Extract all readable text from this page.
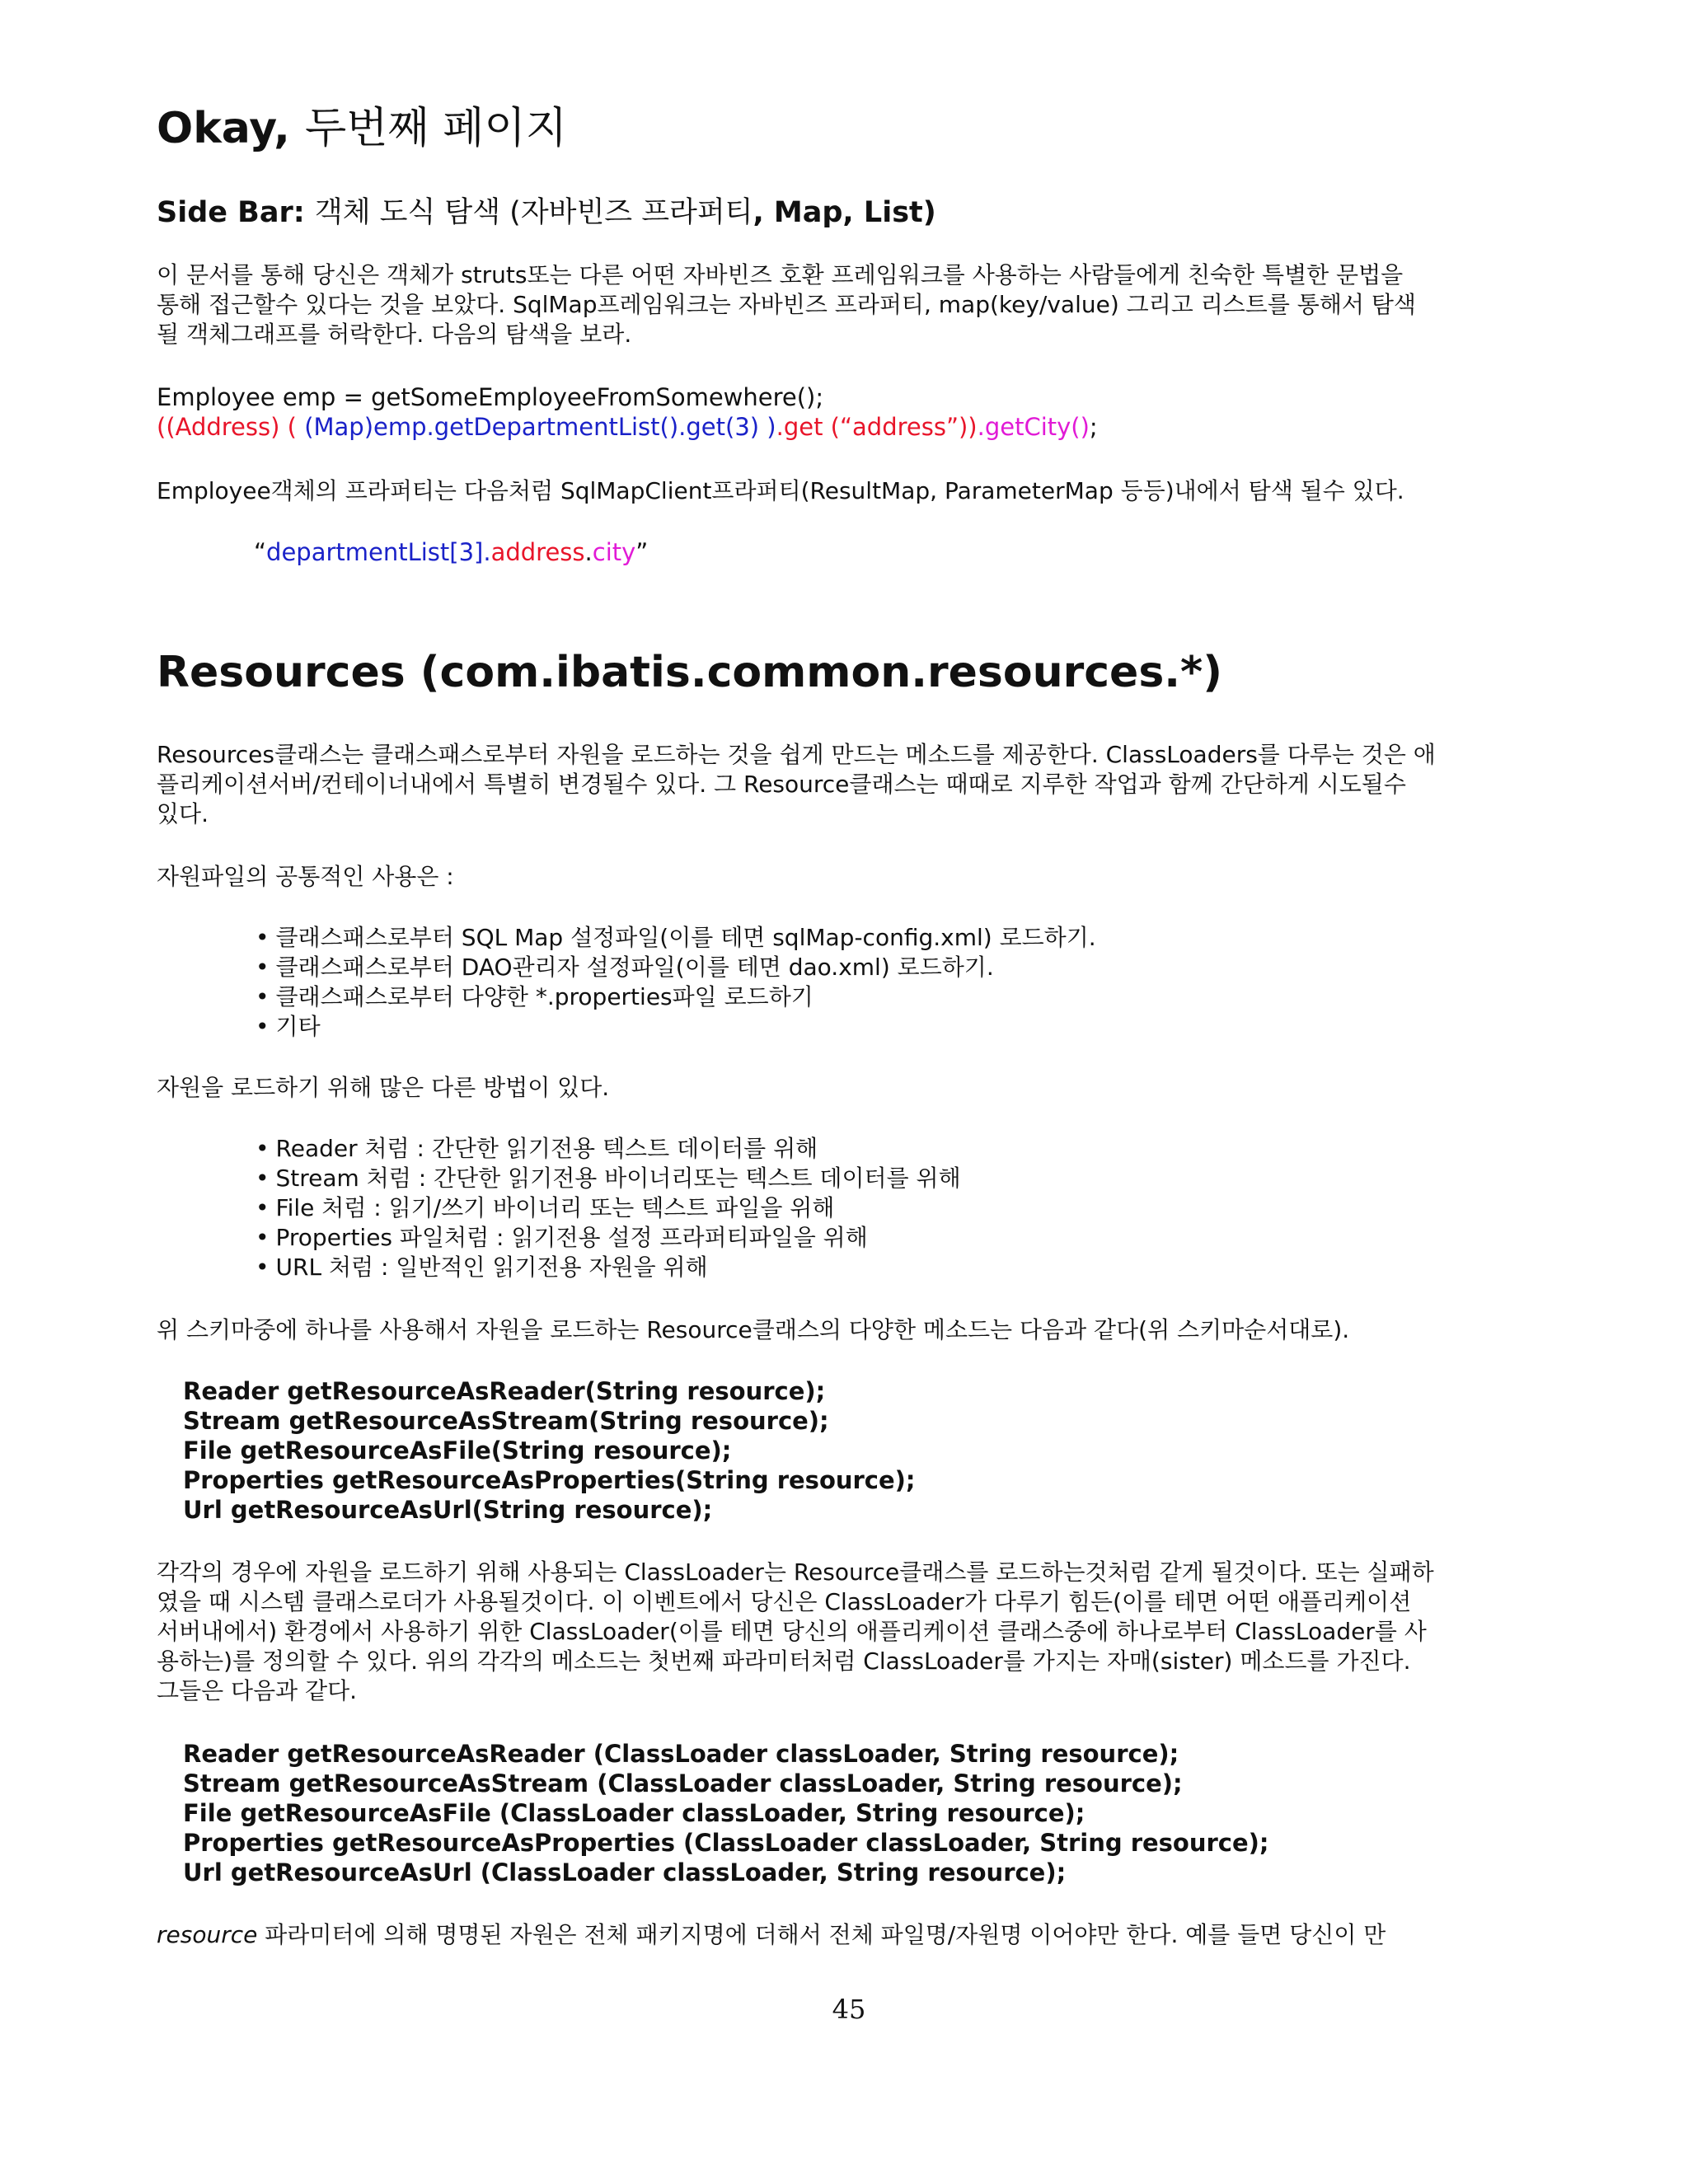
Okay, 두번째 페이지
Side Bar: 객체 도식 탐색 (자바빈즈 프라퍼티, Map, List)
이 문서를 통해 당신은 객체가 struts또는 다른 어떤 자바빈즈 호환 프레임워크를 사용하는 사람들에게 친숙한 특별한 문법을
통해 접근할수 있다는 것을 보았다. SqlMap프레임워크는 자바빈즈 프라퍼티, map(key/value) 그리고 리스트를 통해서 탐색
될 객체그래프를 허락한다. 다음의 탐색을 보라.
Employee emp = getSomeEmployeeFromSomewhere();
((Address) ( (Map)emp.getDepartmentList().get(3) ).get (“address”)).getCity();
Employee객체의 프라퍼티는 다음처럼 SqlMapClient프라퍼티(ResultMap, ParameterMap 등등)내에서 탐색 될수 있다.
“departmentList[3].address.city”
Resources (com.ibatis.common.resources.*)
Resources클래스는 클래스패스로부터 자원을 로드하는 것을 쉽게 만드는 메소드를 제공한다. ClassLoaders를 다루는 것은 애
플리케이션서버/컨테이너내에서 특별히 변경될수 있다. 그 Resource클래스는 때때로 지루한 작업과 함께 간단하게 시도될수
있다.
자원파일의 공통적인 사용은 :
• 클래스패스로부터 SQL Map 설정파일(이를 테면 sqlMap-config.xml) 로드하기.
• 클래스패스로부터 DAO관리자 설정파일(이를 테면 dao.xml) 로드하기.
• 클래스패스로부터 다양한 *.properties파일 로드하기
• 기타
자원을 로드하기 위해 많은 다른 방법이 있다.
• Reader 처럼 : 간단한 읽기전용 텍스트 데이터를 위해
• Stream 처럼 : 간단한 읽기전용 바이너리또는 텍스트 데이터를 위해
• File 처럼 : 읽기/쓰기 바이너리 또는 텍스트 파일을 위해
• Properties 파일처럼 : 읽기전용 설정 프라퍼티파일을 위해
• URL 처럼 : 일반적인 읽기전용 자원을 위해
위 스키마중에 하나를 사용해서 자원을 로드하는 Resource클래스의 다양한 메소드는 다음과 같다(위 스키마순서대로).
Reader getResourceAsReader(String resource);
Stream getResourceAsStream(String resource);
File getResourceAsFile(String resource);
Properties getResourceAsProperties(String resource);
Url getResourceAsUrl(String resource);
각각의 경우에 자원을 로드하기 위해 사용되는 ClassLoader는 Resource클래스를 로드하는것처럼 같게 될것이다. 또는 실패하
였을 때 시스템 클래스로더가 사용될것이다. 이 이벤트에서 당신은 ClassLoader가 다루기 힘든(이를 테면 어떤 애플리케이션
서버내에서) 환경에서 사용하기 위한 ClassLoader(이를 테면 당신의 애플리케이션 클래스중에 하나로부터 ClassLoader를 사
용하는)를 정의할 수 있다. 위의 각각의 메소드는 첫번째 파라미터처럼 ClassLoader를 가지는 자매(sister) 메소드를 가진다.
그들은 다음과 같다.
Reader getResourceAsReader (ClassLoader classLoader, String resource);
Stream getResourceAsStream (ClassLoader classLoader, String resource);
File getResourceAsFile (ClassLoader classLoader, String resource);
Properties getResourceAsProperties (ClassLoader classLoader, String resource);
Url getResourceAsUrl (ClassLoader classLoader, String resource);
resource 파라미터에 의해 명명된 자원은 전체 패키지명에 더해서 전체 파일명/자원명 이어야만 한다. 예를 들면 당신이 만
45
